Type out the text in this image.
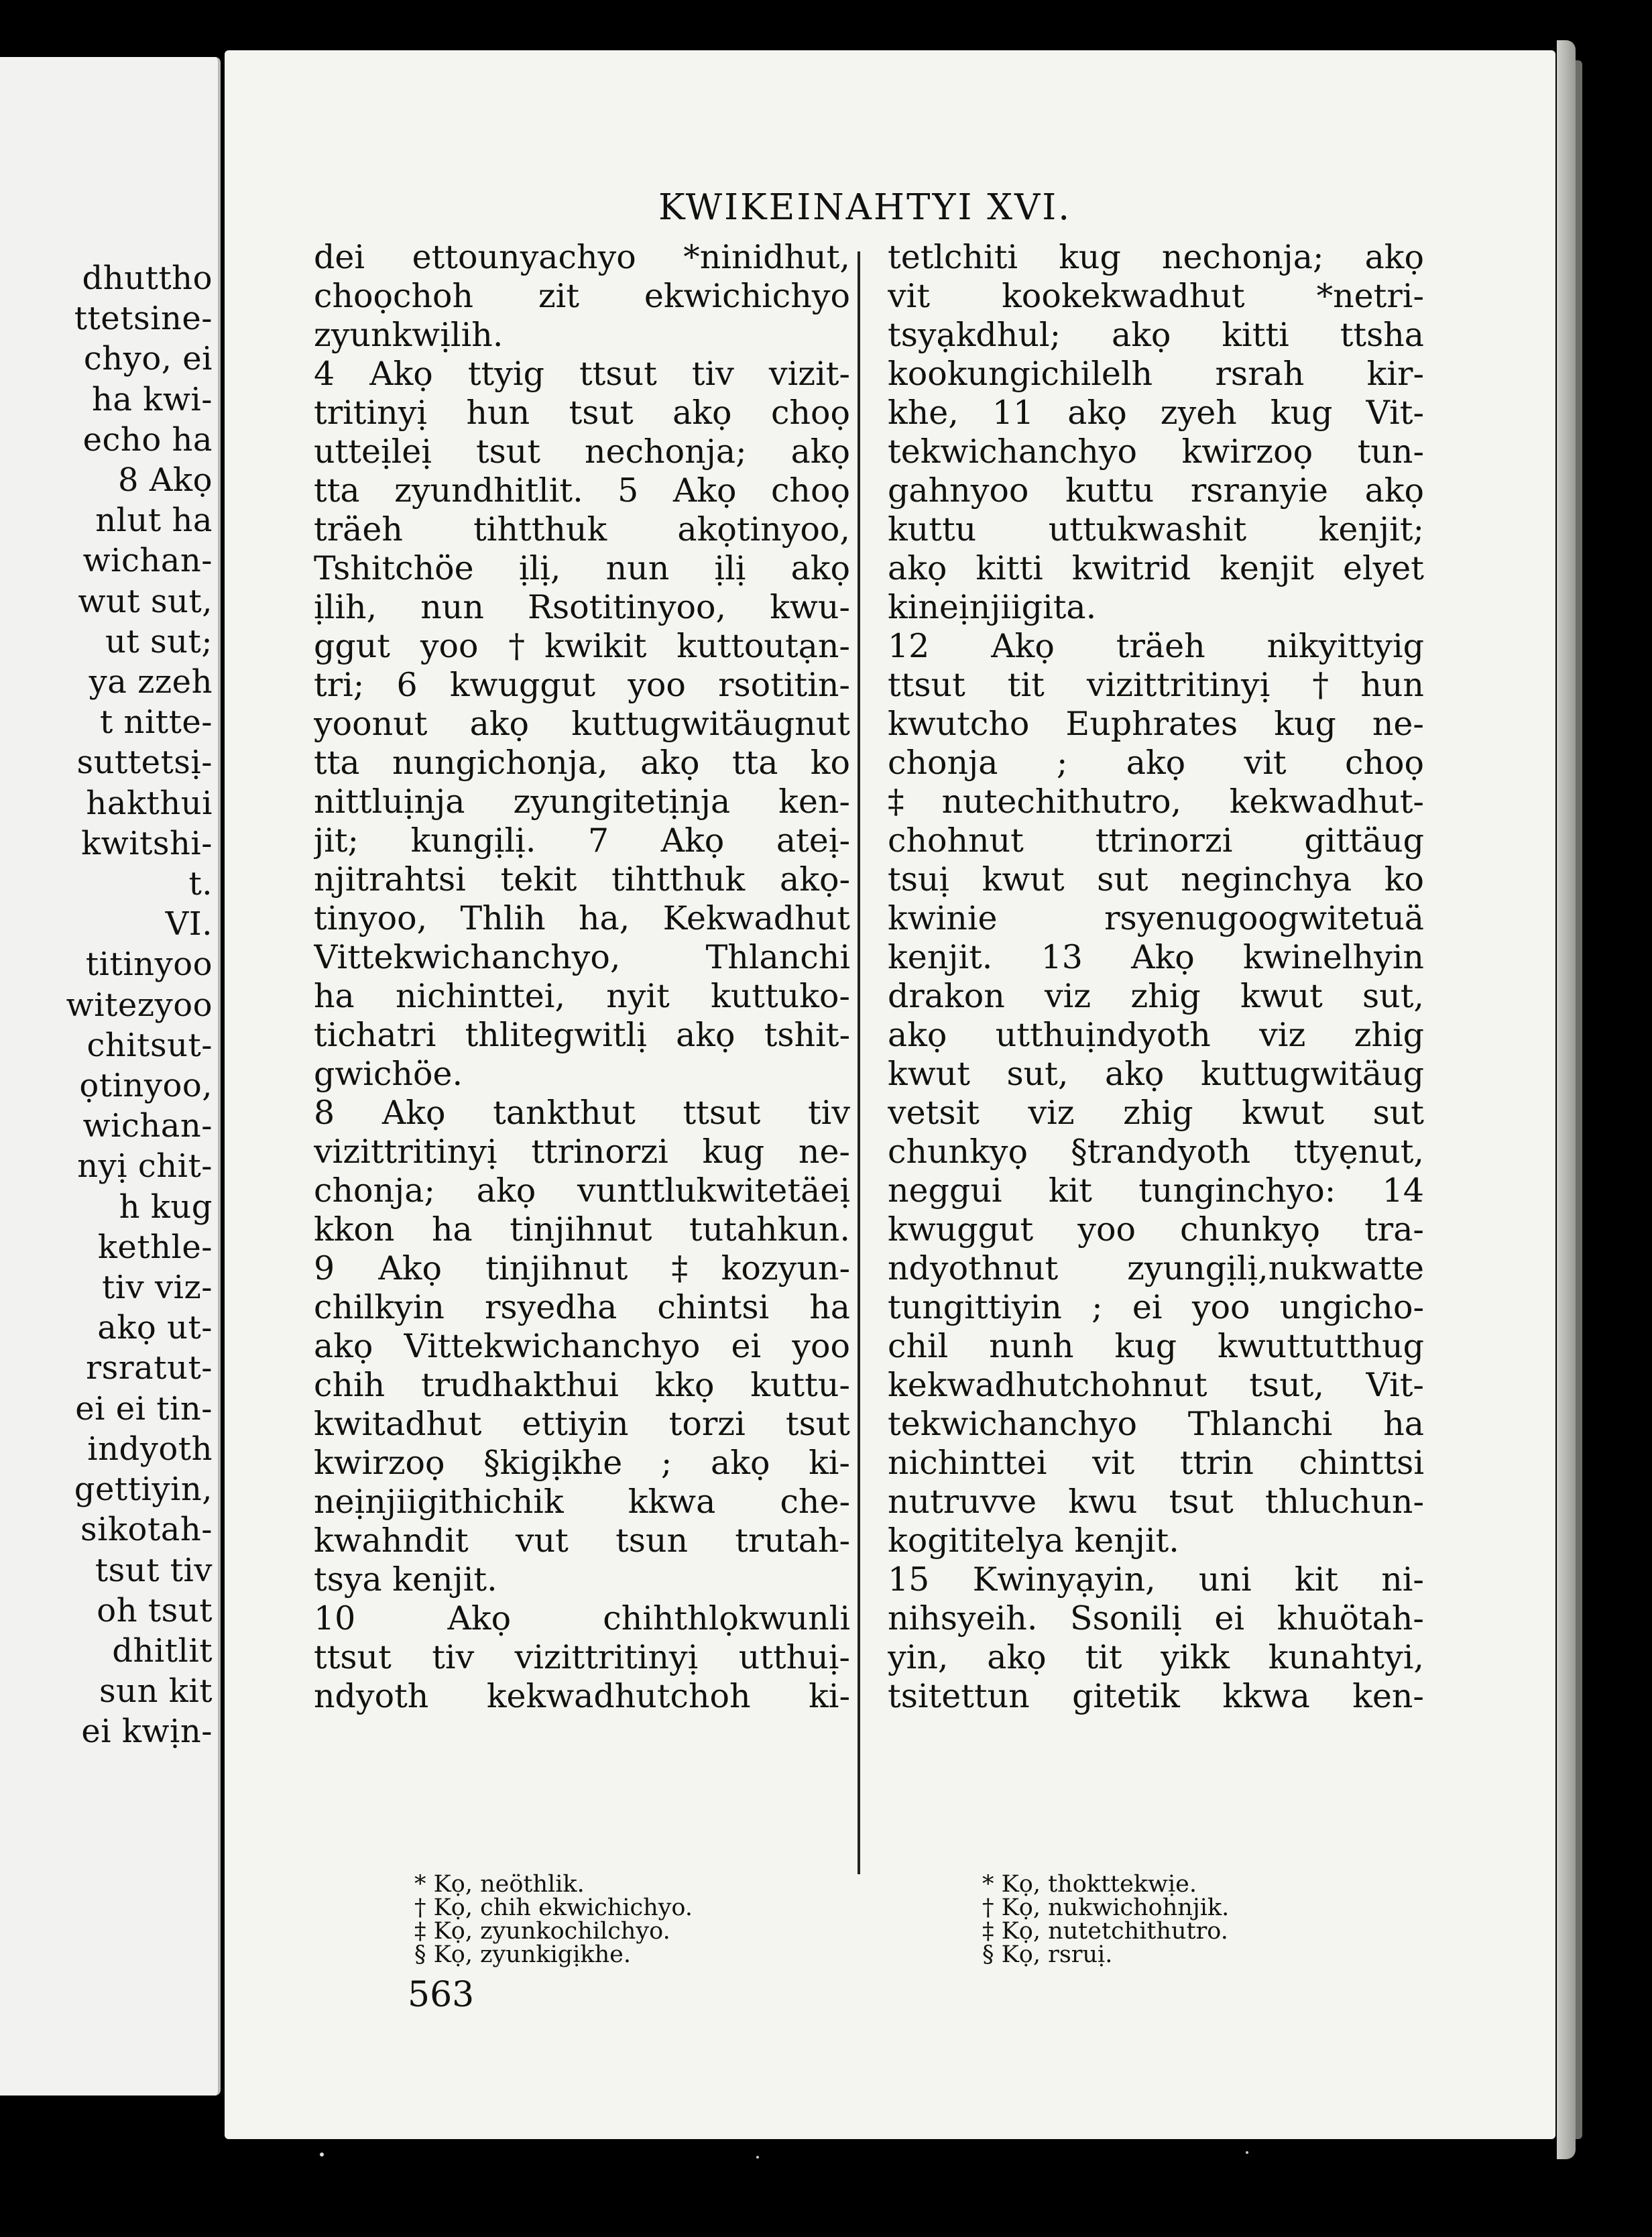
dhuttho
ttetsine-
chyo, ei
ha kwi-
echo ha
8 Akọ
nlut ha
wichan-
wut sut,
ut sut;
ya zzeh
t nitte-
suttetsị-
hakthui
kwitshi-
t.
VI.
titinyoo
witezyoo
chitsut-
ọtinyoo,
wichan-
nyị chit-
h kug
kethle-
tiv viz-
akọ ut-
rsratut-
ei ei tin-
indyoth
gettiyin,
sikotah-
tsut tiv
oh tsut
dhitlit
sun kit
ei kwịn-
KWIKEINAHTYI XVI.
dei ettounyachyo *ninidhut,
choọchoh zit ekwichichyo
zyunkwịlih.
4 Akọ ttyig ttsut tiv vizit-
tritinyị hun tsut akọ choọ
utteịleị tsut nechonja; akọ
tta zyundhitlit. 5 Akọ choọ
träeh tihtthuk akọtinyoo,
Tshitchöe ịlị, nun ịlị akọ
ịlih, nun Rsotitinyoo, kwu-
ggut yoo †kwikit kuttoutạn-
tri; 6 kwuggut yoo rsotitin-
yoonut akọ kuttugwitäugnut
tta nungichonja, akọ tta ko
nittluịnja zyungitetịnja ken-
jit; kungịlị. 7 Akọ ateị-
njitrahtsi tekit tihtthuk akọ-
tinyoo, Thlih ha, Kekwadhut
Vittekwichanchyo, Thlanchi
ha nichinttei, nyit kuttuko-
tichatri thlitegwitlị akọ tshit-
gwichöe.
8 Akọ tankthut ttsut tiv
vizittritinyị ttrinorzi kug ne-
chonja; akọ vunttlukwitetäeị
kkon ha tinjihnut tutahkun.
9 Akọ tinjihnut ‡kozyun-
chilkyin rsyedha chintsi ha
akọ Vittekwichanchyo ei yoo
chih trudhakthui kkọ kuttu-
kwitadhut ettiyin torzi tsut
kwirzoọ §kigịkhe ; akọ ki-
neịnjiigithichik kkwa che-
kwahndit vut tsun trutah-
tsya kenjit.
10 Akọ chihthlọkwunli
ttsut tiv vizittritinyị utthuị-
ndyoth kekwadhutchoh ki-
tetlchiti kug nechonja; akọ
vit kookekwadhut *netri-
tsyạkdhul; akọ kitti ttsha
kookungichilelh rsrah kir-
khe, 11 akọ zyeh kug Vit-
tekwichanchyo kwirzoọ tun-
gahnyoo kuttu rsranyie akọ
kuttu uttukwashit kenjit;
akọ kitti kwitrid kenjit elyet
kineịnjiigita.
12 Akọ träeh nikyittyig
ttsut tit vizittritinyị †hun
kwutcho Euphrates kug ne-
chonja ; akọ vit choọ
‡nutechithutro, kekwadhut-
chohnut ttrinorzi gittäug
tsuị kwut sut neginchya ko
kwinie rsyenugoogwitetuä
kenjit. 13 Akọ kwinelhyin
drakon viz zhig kwut sut,
akọ utthuịndyoth viz zhig
kwut sut, akọ kuttugwitäug
vetsit viz zhig kwut sut
chunkyọ §trandyoth ttyẹnut,
neggui kit tunginchyo: 14
kwuggut yoo chunkyọ tra-
ndyothnut zyungịlị,nukwatte
tungittiyin ; ei yoo ungicho-
chil nunh kug kwuttutthug
kekwadhutchohnut tsut, Vit-
tekwichanchyo Thlanchi ha
nichinttei vit ttrin chinttsi
nutruvve kwu tsut thluchun-
kogititelya kenjit.
15 Kwinyạyin, uni kit ni-
nihsyeih. Ssonilị ei khuötah-
yin, akọ tit yikk kunahtyi,
tsitettun gitetik kkwa ken-
* Kọ, neöthlik.
† Kọ, chih ekwichichyo.
‡ Kọ, zyunkochilchyo.
§ Kọ, zyunkigịkhe.
* Kọ, thokttekwịe.
† Kọ, nukwichohnjik.
‡ Kọ, nutetchithutro.
§ Kọ, rsruị.
563
